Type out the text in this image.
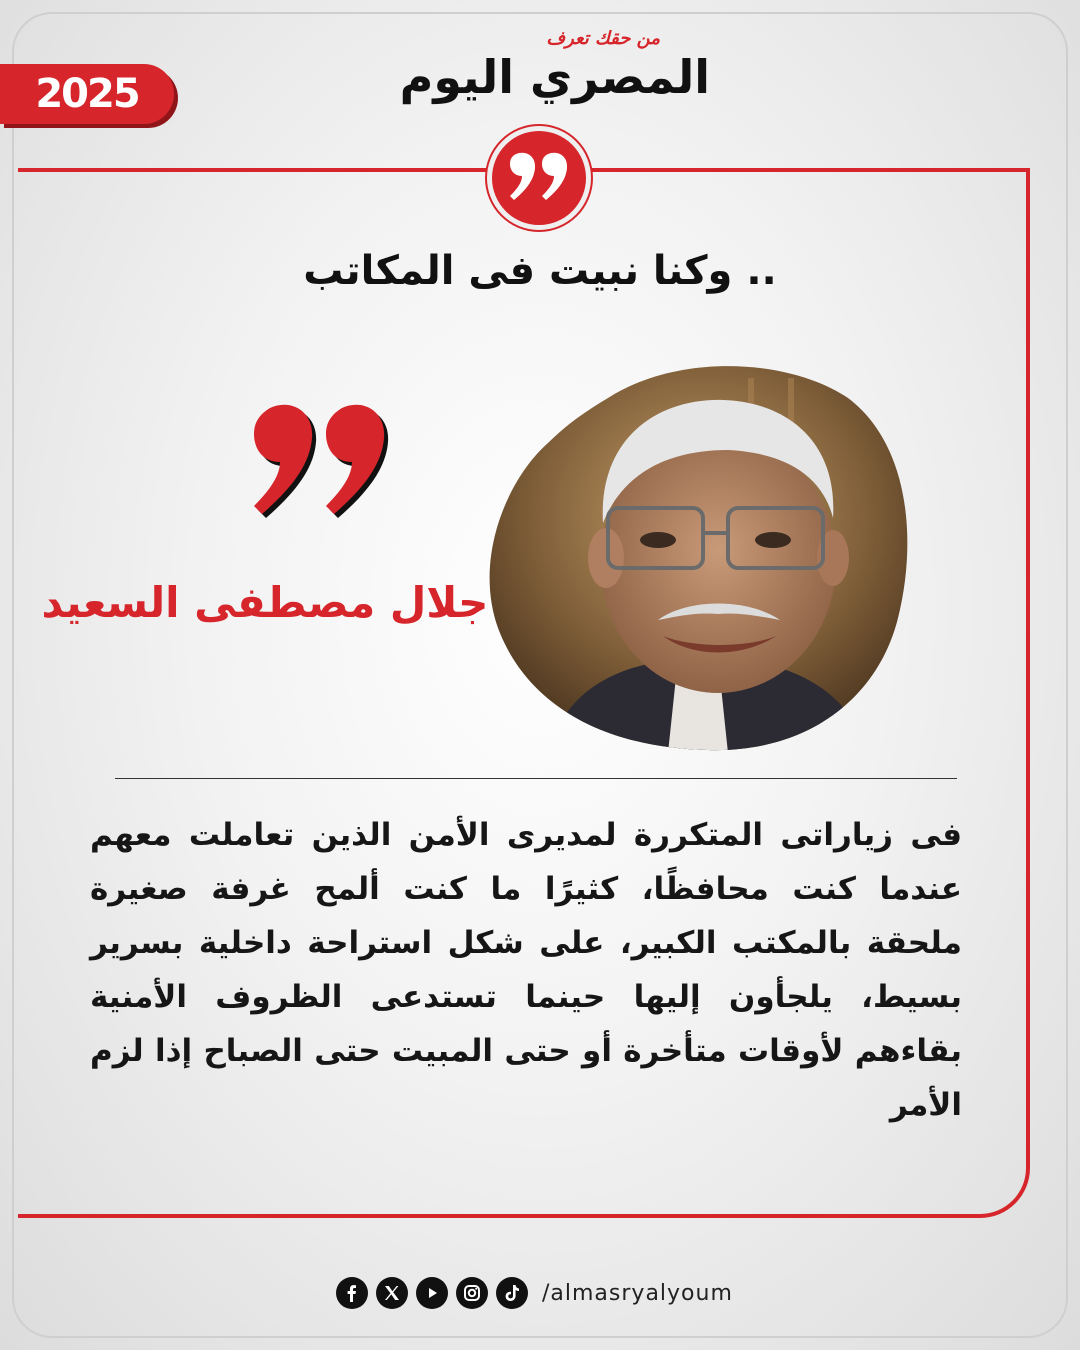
2025
من حقك تعرف
المصري اليوم
.. وكنا نبيت فى المكاتب
جلال مصطفى السعيد
فى زياراتى المتكررة لمديرى الأمن الذين تعاملت معهم عندما كنت محافظًا، كثيرًا ما كنت ألمح غرفة صغيرة ملحقة بالمكتب الكبير، على شكل استراحة داخلية بسرير بسيط، يلجأون إليها حينما تستدعى الظروف الأمنية بقاءهم لأوقات متأخرة أو حتى المبيت حتى الصباح إذا لزم الأمر
/almasryalyoum
